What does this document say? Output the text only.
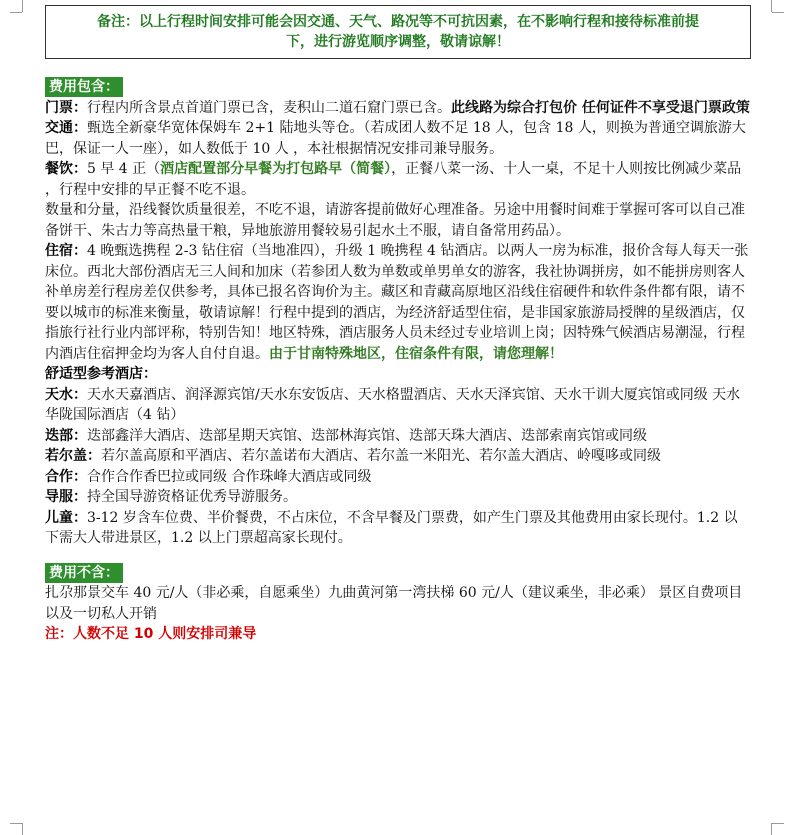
备注：以上行程时间安排可能会因交通、天气、路况等不可抗因素，在不影响行程和接待标准前提
下，进行游览顺序调整，敬请谅解！
费用包含：

门票：行程内所含景点首道门票已含，麦积山二道石窟门票已含。此线路为综合打包价 任何证件不享受退门票政策

交通：甄选全新豪华宽体保姆车 2+1 陆地头等仓。（若成团人数不足 18 人，包含 18 人，则换为普通空调旅游大巴，保证一人一座），如人数低于 10 人 ，本社根据情况安排司兼导服务。

餐饮：5 早 4 正（酒店配置部分早餐为打包路早（简餐），正餐八菜一汤、十人一桌，不足十人则按比例减少菜品 ，行程中安排的早正餐不吃不退。

数量和分量，沿线餐饮质量很差，不吃不退，请游客提前做好心理准备。另途中用餐时间难于掌握可客可以自己准备饼干、朱古力等高热量干粮，异地旅游用餐较易引起水土不服，请自备常用药品）。

住宿：4 晚甄选携程 2-3 钻住宿（当地准四），升级 1 晚携程 4 钻酒店。以两人一房为标准，报价含每人每天一张床位。西北大部份酒店无三人间和加床（若参团人数为单数或单男单女的游客，我社协调拼房，如不能拼房则客人补单房差行程房差仅供参考，具体已报名咨询价为主。藏区和青藏高原地区沿线住宿硬件和软件条件都有限，请不要以城市的标准来衡量，敬请谅解！行程中提到的酒店，为经济舒适型住宿，是非国家旅游局授牌的星级酒店，仅指旅行社行业内部评称，特别告知！地区特殊，酒店服务人员未经过专业培训上岗；因特殊气候酒店易潮湿，行程内酒店住宿押金均为客人自付自退。由于甘南特殊地区，住宿条件有限，请您理解！

舒适型参考酒店：

天水：天水天嘉酒店、润泽源宾馆/天水东安饭店、天水格盟酒店、天水天泽宾馆、天水干训大厦宾馆或同级 天水华陇国际酒店（4 钻）

迭部：迭部鑫洋大酒店、迭部星期天宾馆、迭部林海宾馆、迭部天珠大酒店、迭部索南宾馆或同级

若尔盖：若尔盖高原和平酒店、若尔盖诺布大酒店、若尔盖一米阳光、若尔盖大酒店、岭嘎哆或同级

合作：合作合作香巴拉或同级 合作珠峰大酒店或同级

导服：持全国导游资格证优秀导游服务。

儿童：3-12 岁含车位费、半价餐费，不占床位，不含早餐及门票费，如产生门票及其他费用由家长现付。1.2 以下需大人带进景区，1.2 以上门票超高家长现付。

费用不含：

扎尕那景交车 40 元/人（非必乘，自愿乘坐）九曲黄河第一湾扶梯 60 元/人（建议乘坐，非必乘） 景区自费项目以及一切私人开销

注：人数不足 10 人则安排司兼导
